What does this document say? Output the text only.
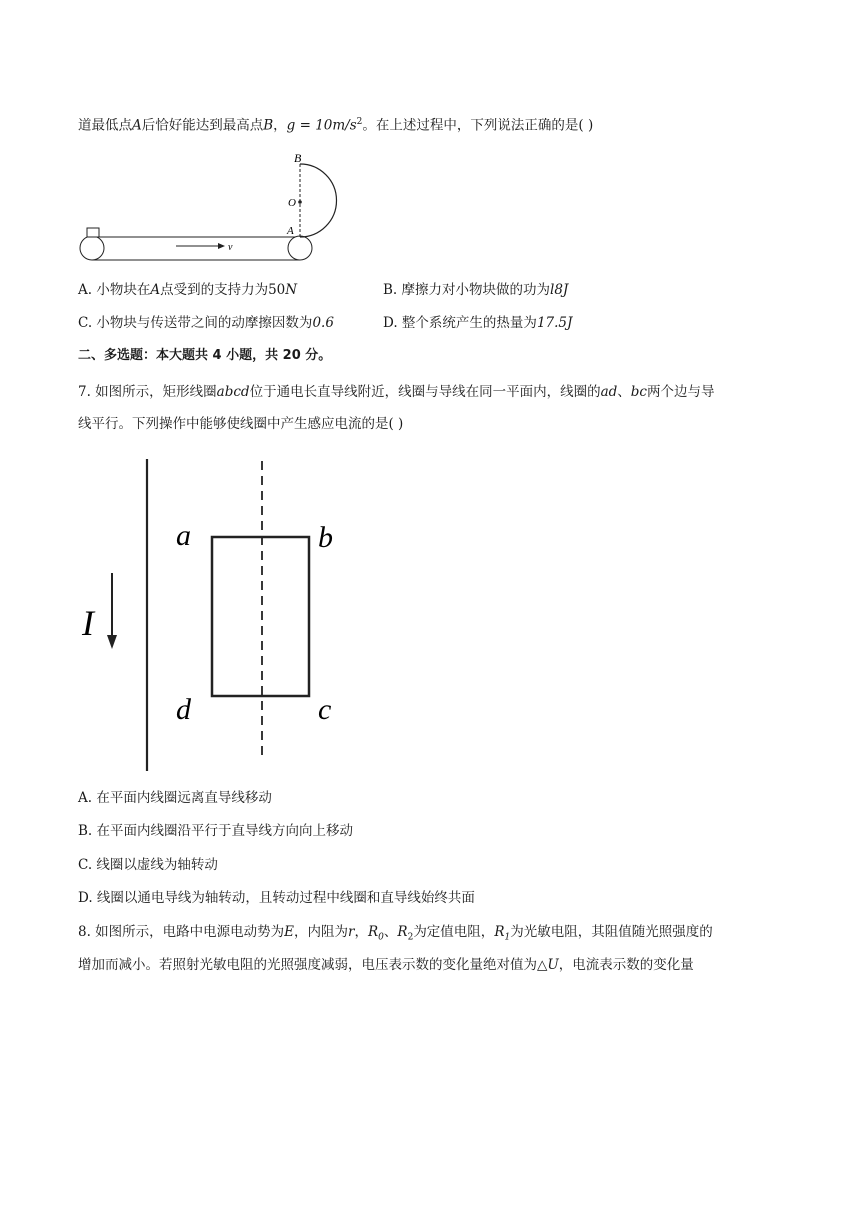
道最低点A后恰好能达到最高点B，$g = 10m/s^2$。在上述过程中，下列说法正确的是( )
v
B
O
A
A. 小物块在A点受到的支持力为50N	B. 摩擦力对小物块做的功为l8J
C. 小物块与传送带之间的动摩擦因数为0.6	D. 整个系统产生的热量为17.5J
二、多选题：本大题共 4 小题，共 20 分。
7. 如图所示，矩形线圈abcd位于通电长直导线附近，线圈与导线在同一平面内，线圈的ad、bc两个边与导
线平行。下列操作中能够使线圈中产生感应电流的是( )
I
a	b
d	c
A. 在平面内线圈远离直导线移动
B. 在平面内线圈沿平行于直导线方向向上移动
C. 线圈以虚线为轴转动
D. 线圈以通电导线为轴转动，且转动过程中线圈和直导线始终共面
8. 如图所示，电路中电源电动势为E，内阻为r，$R_0$、$R_2$为定值电阻，$R_1$为光敏电阻，其阻值随光照强度的
增加而减小。若照射光敏电阻的光照强度减弱，电压表示数的变化量绝对值为△U，电流表示数的变化量
